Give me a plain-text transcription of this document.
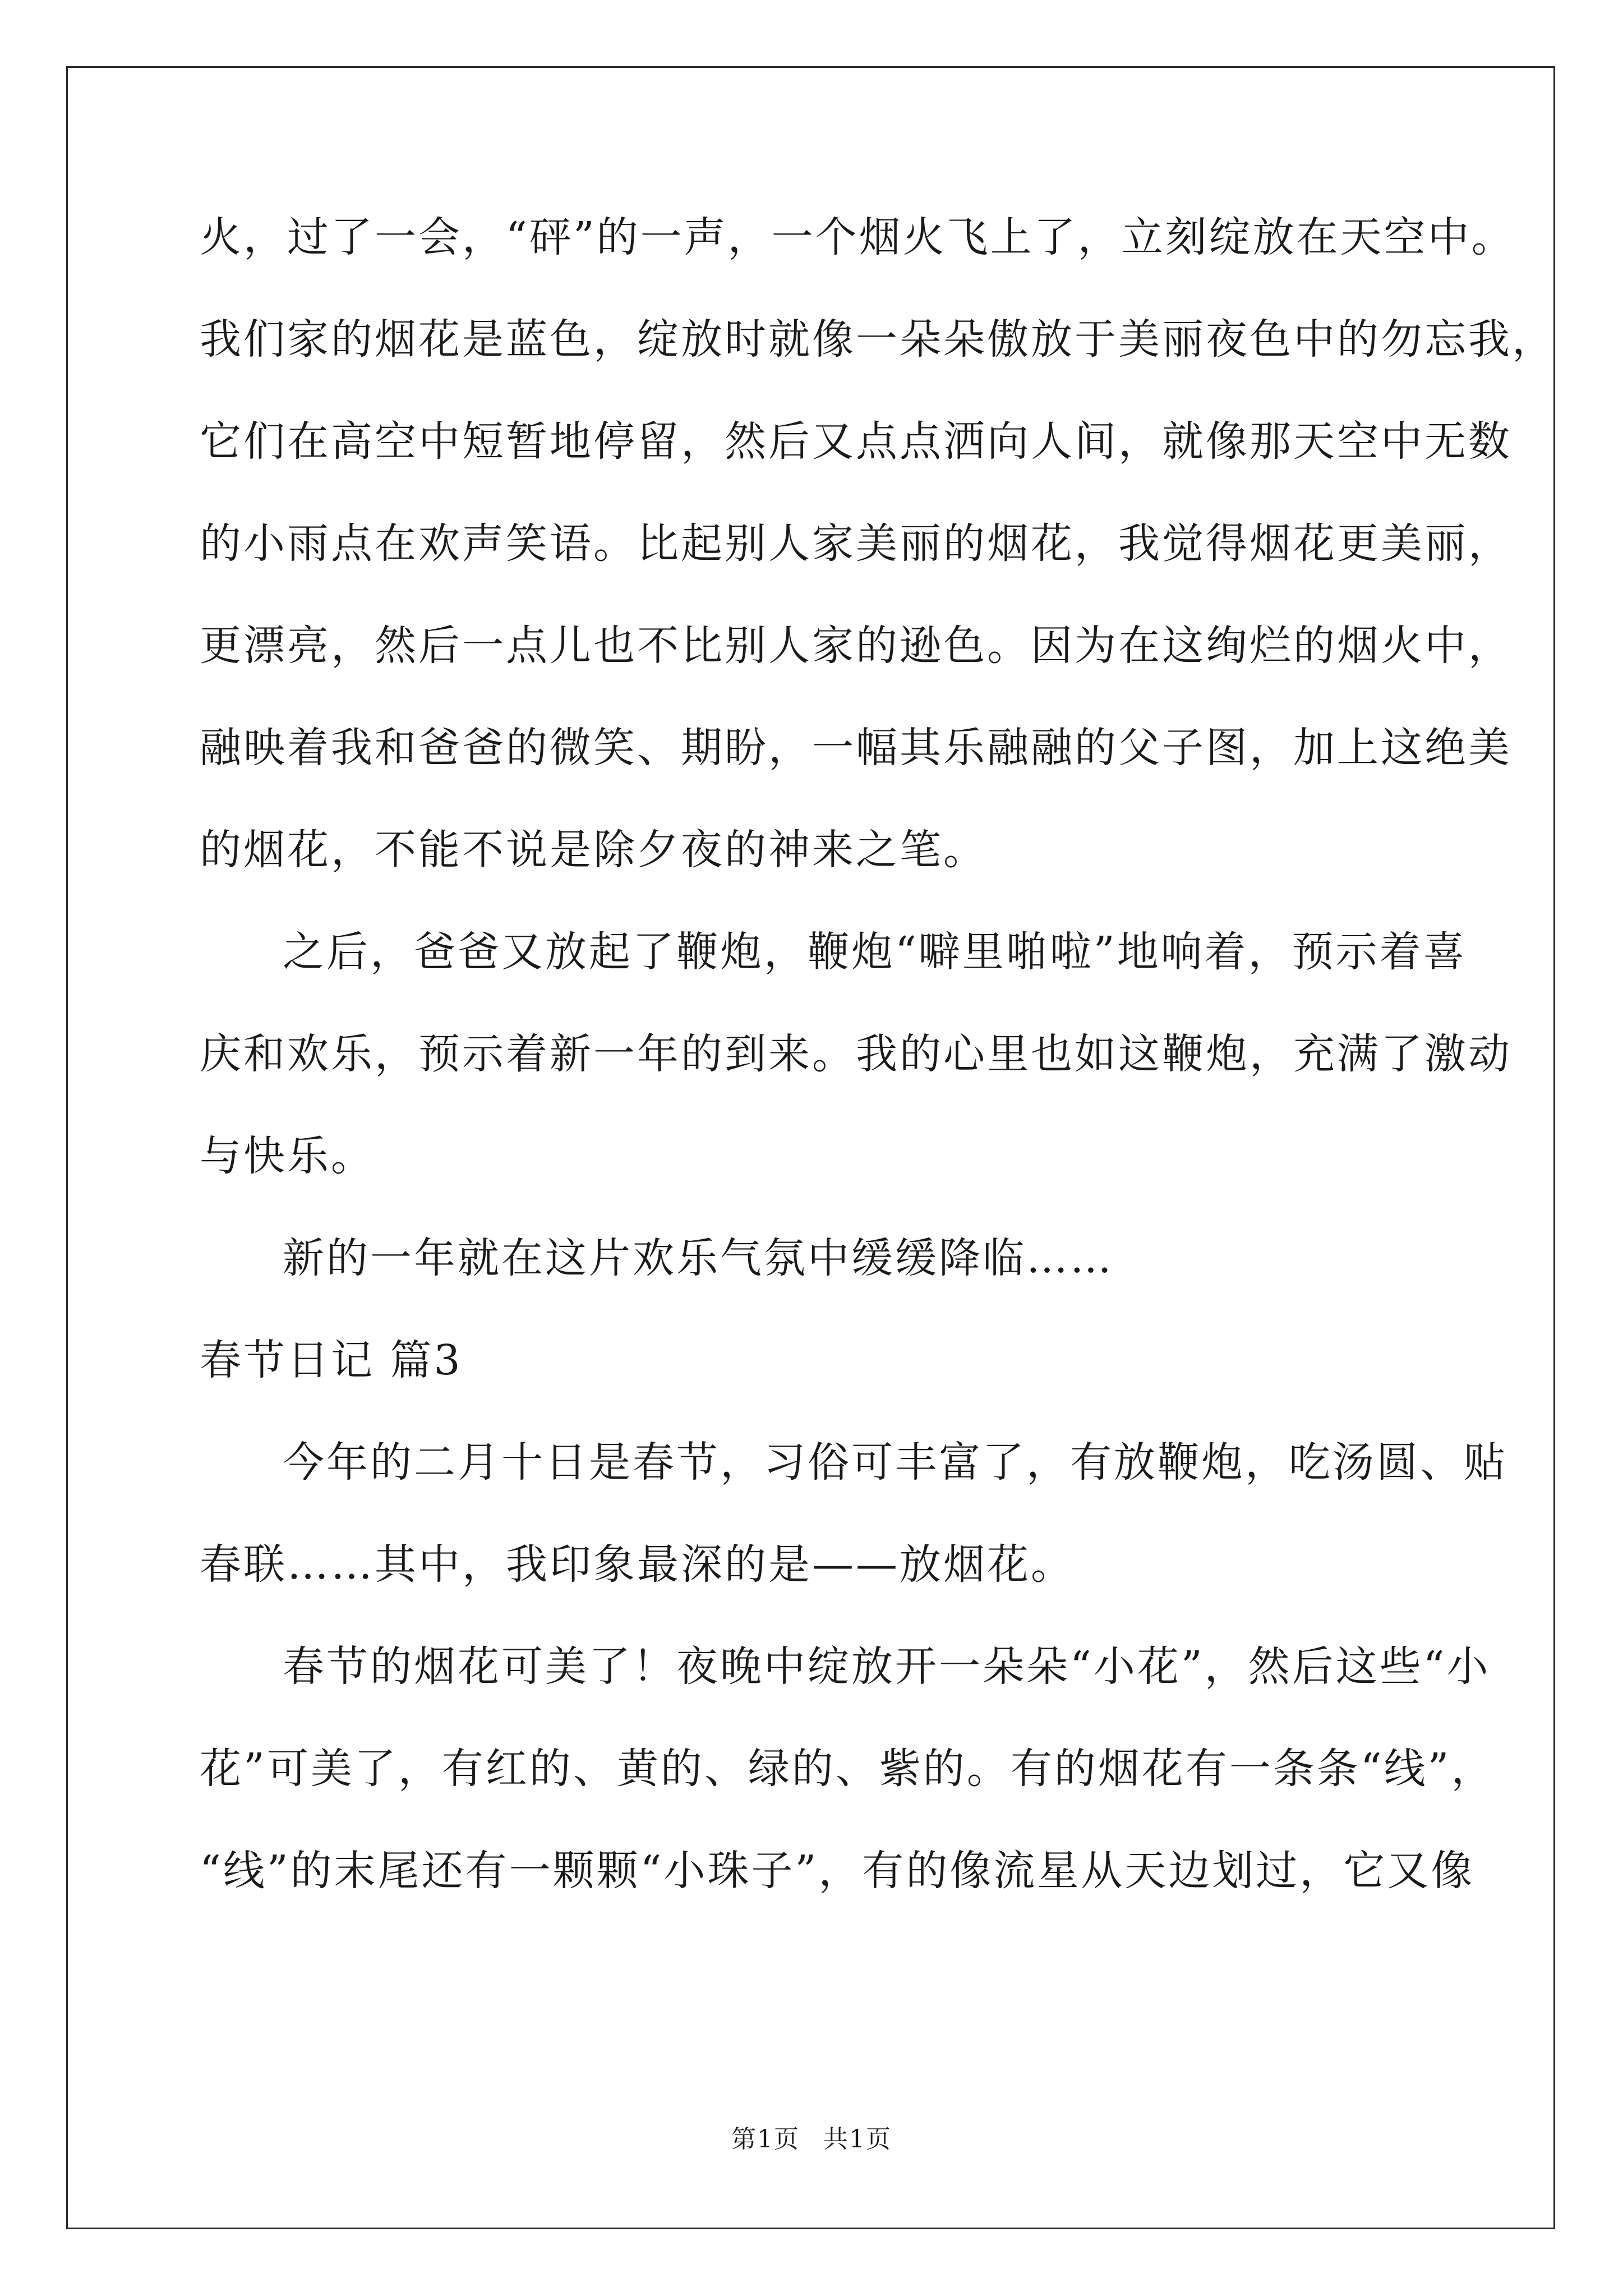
火，过了一会，“砰”的一声，一个烟火飞上了，立刻绽放在天空中。
我们家的烟花是蓝色，绽放时就像一朵朵傲放于美丽夜色中的勿忘我，
它们在高空中短暂地停留，然后又点点洒向人间，就像那天空中无数
的小雨点在欢声笑语。比起别人家美丽的烟花，我觉得烟花更美丽，
更漂亮，然后一点儿也不比别人家的逊色。因为在这绚烂的烟火中，
融映着我和爸爸的微笑、期盼，一幅其乐融融的父子图，加上这绝美
的烟花，不能不说是除夕夜的神来之笔。
之后，爸爸又放起了鞭炮，鞭炮“噼里啪啦”地响着，预示着喜
庆和欢乐，预示着新一年的到来。我的心里也如这鞭炮，充满了激动
与快乐。
新的一年就在这片欢乐气氛中缓缓降临……
春节日记 篇3
今年的二月十日是春节，习俗可丰富了，有放鞭炮，吃汤圆、贴
春联……其中，我印象最深的是——放烟花。
春节的烟花可美了！夜晚中绽放开一朵朵“小花”，然后这些“小
花”可美了，有红的、黄的、绿的、紫的。有的烟花有一条条“线”，
“线”的末尾还有一颗颗“小珠子”，有的像流星从天边划过，它又像
第1页 共1页
